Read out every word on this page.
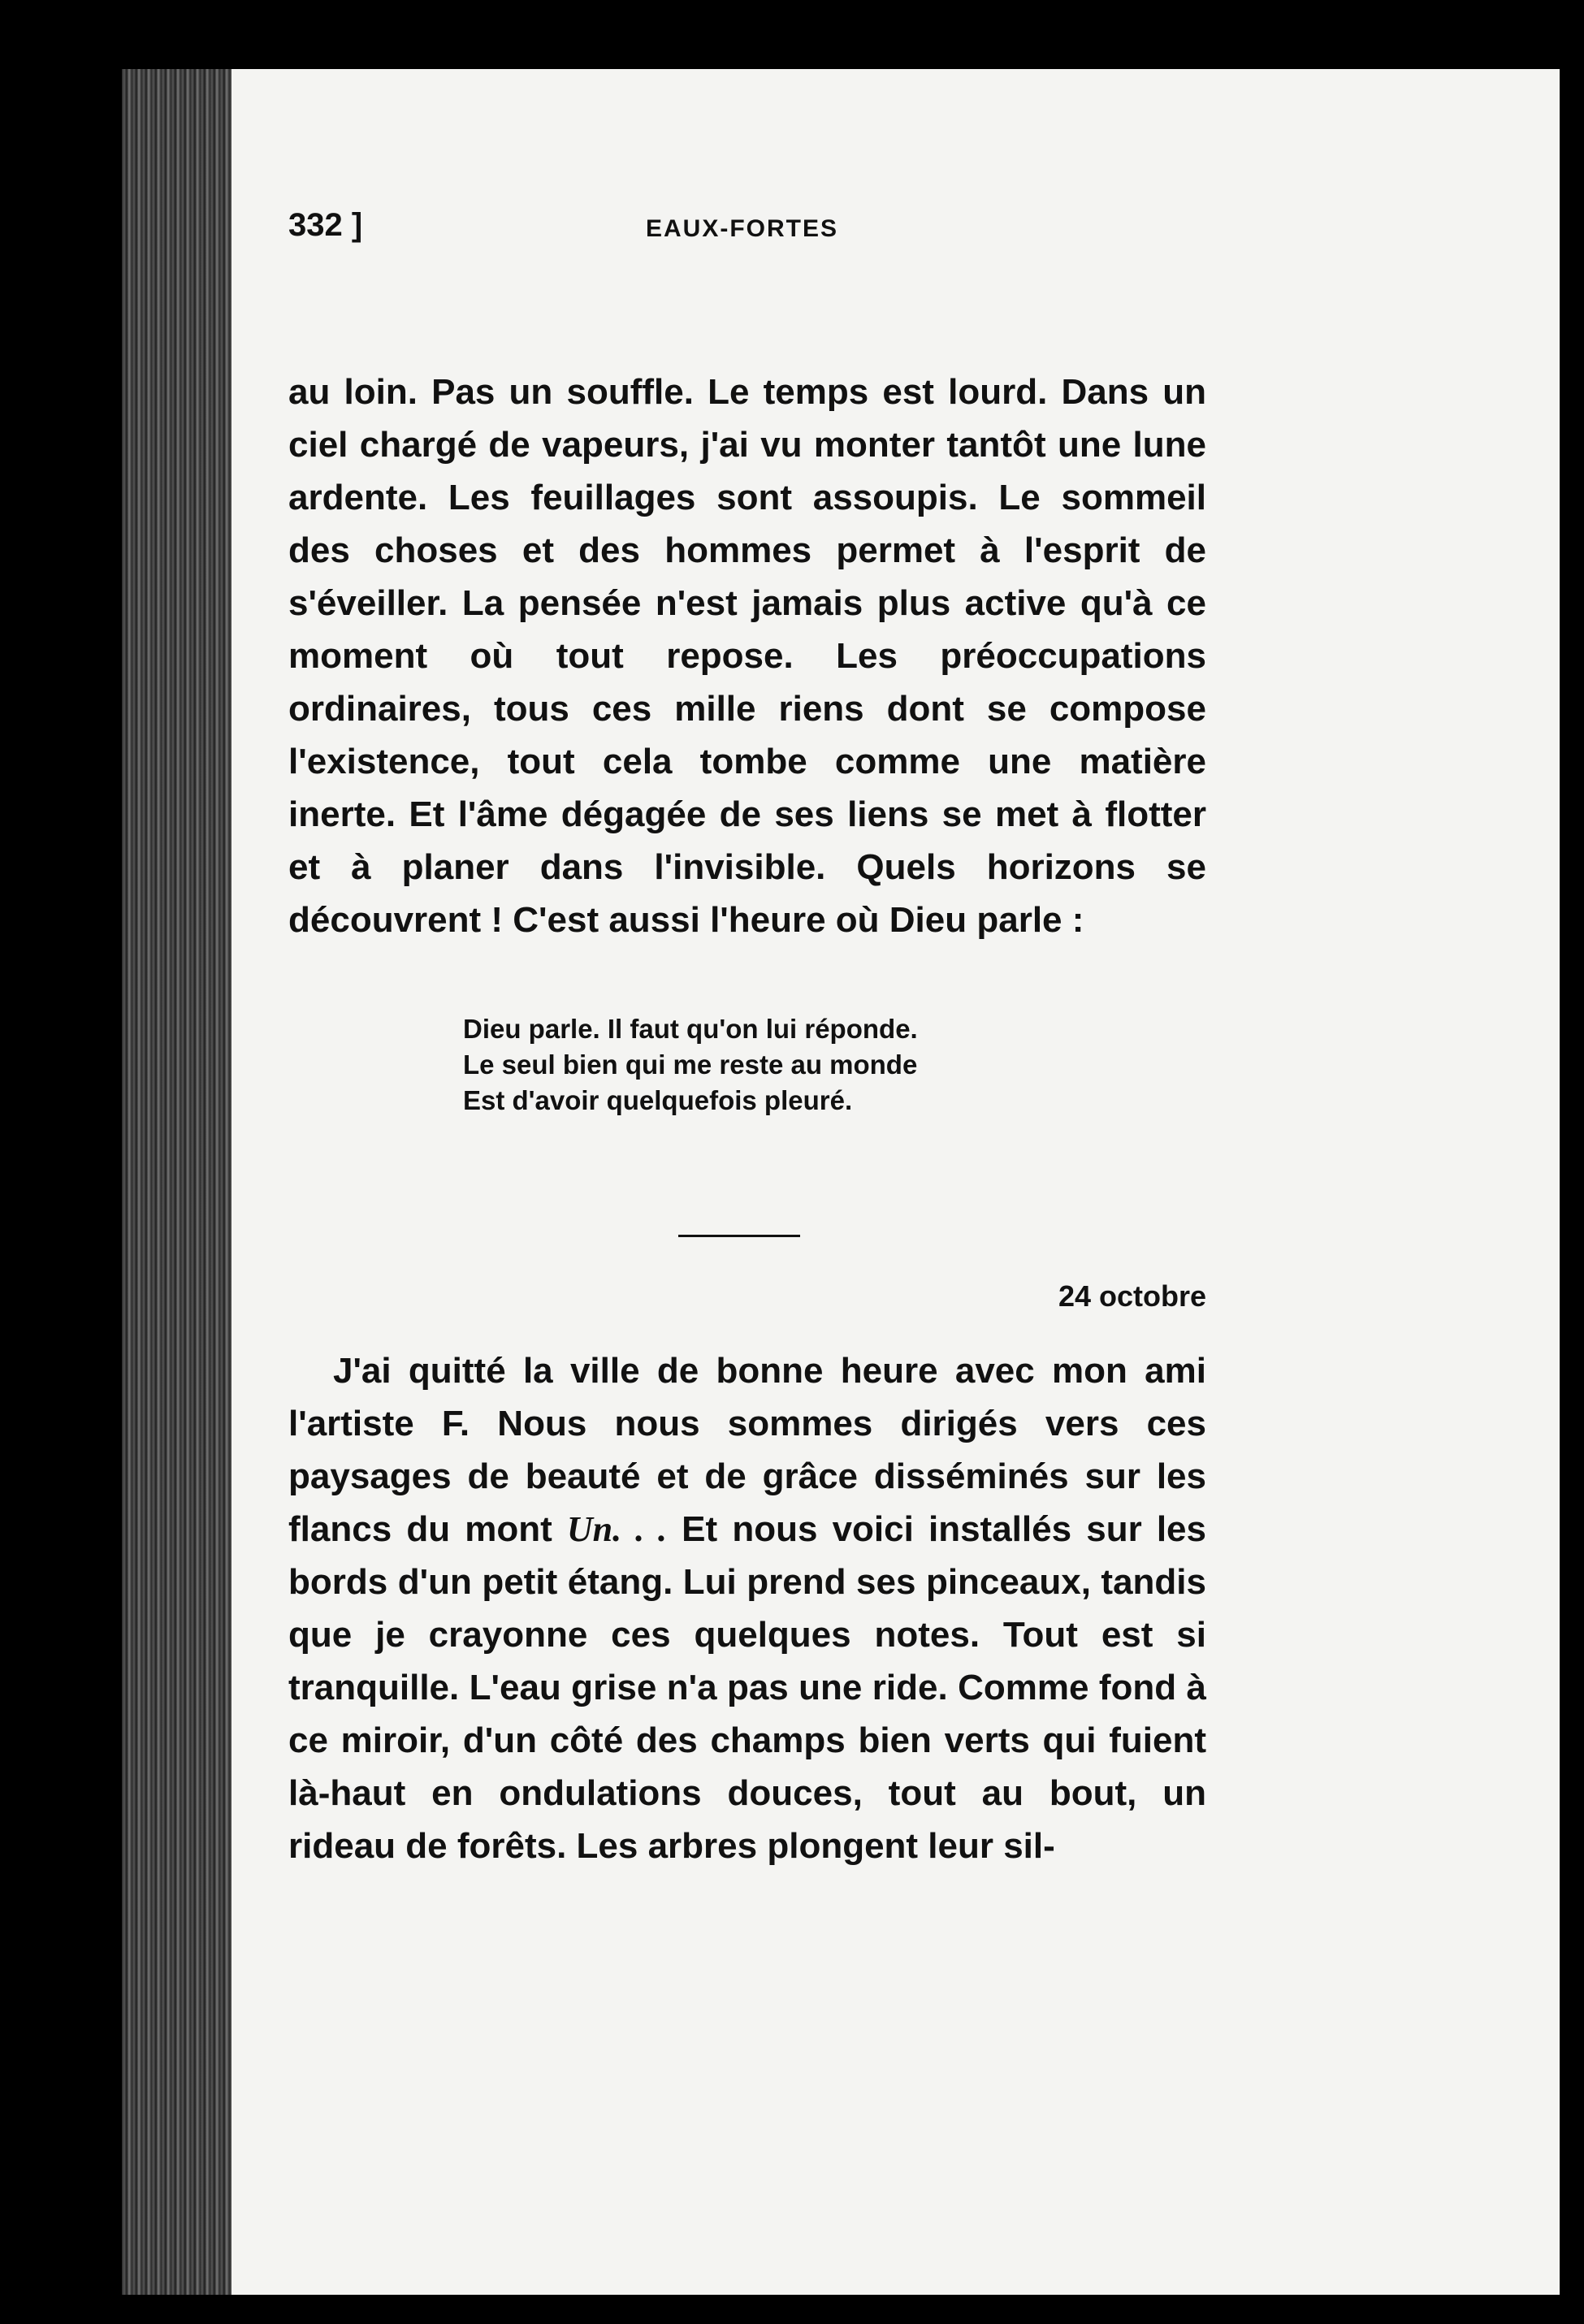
332 ]	EAUX-FORTES

au loin. Pas un souffle. Le temps est lourd. Dans un ciel chargé de vapeurs, j'ai vu monter tantôt une lune ardente. Les feuillages sont assoupis. Le sommeil des choses et des hommes permet à l'esprit de s'éveiller. La pensée n'est jamais plus active qu'à ce moment où tout repose. Les préoccupations ordinaires, tous ces mille riens dont se compose l'existence, tout cela tombe comme une matière inerte. Et l'âme dégagée de ses liens se met à flotter et à planer dans l'invisible. Quels horizons se découvrent ! C'est aussi l'heure où Dieu parle :

Dieu parle. Il faut qu'on lui réponde.
Le seul bien qui me reste au monde
Est d'avoir quelquefois pleuré.
24 octobre

J'ai quitté la ville de bonne heure avec mon ami l'artiste F. Nous nous sommes dirigés vers ces paysages de beauté et de grâce disséminés sur les flancs du mont Un. . . Et nous voici installés sur les bords d'un petit étang. Lui prend ses pinceaux, tandis que je crayonne ces quelques notes. Tout est si tranquille. L'eau grise n'a pas une ride. Comme fond à ce miroir, d'un côté des champs bien verts qui fuient là-haut en ondulations douces, tout au bout, un rideau de forêts. Les arbres plongent leur sil-
